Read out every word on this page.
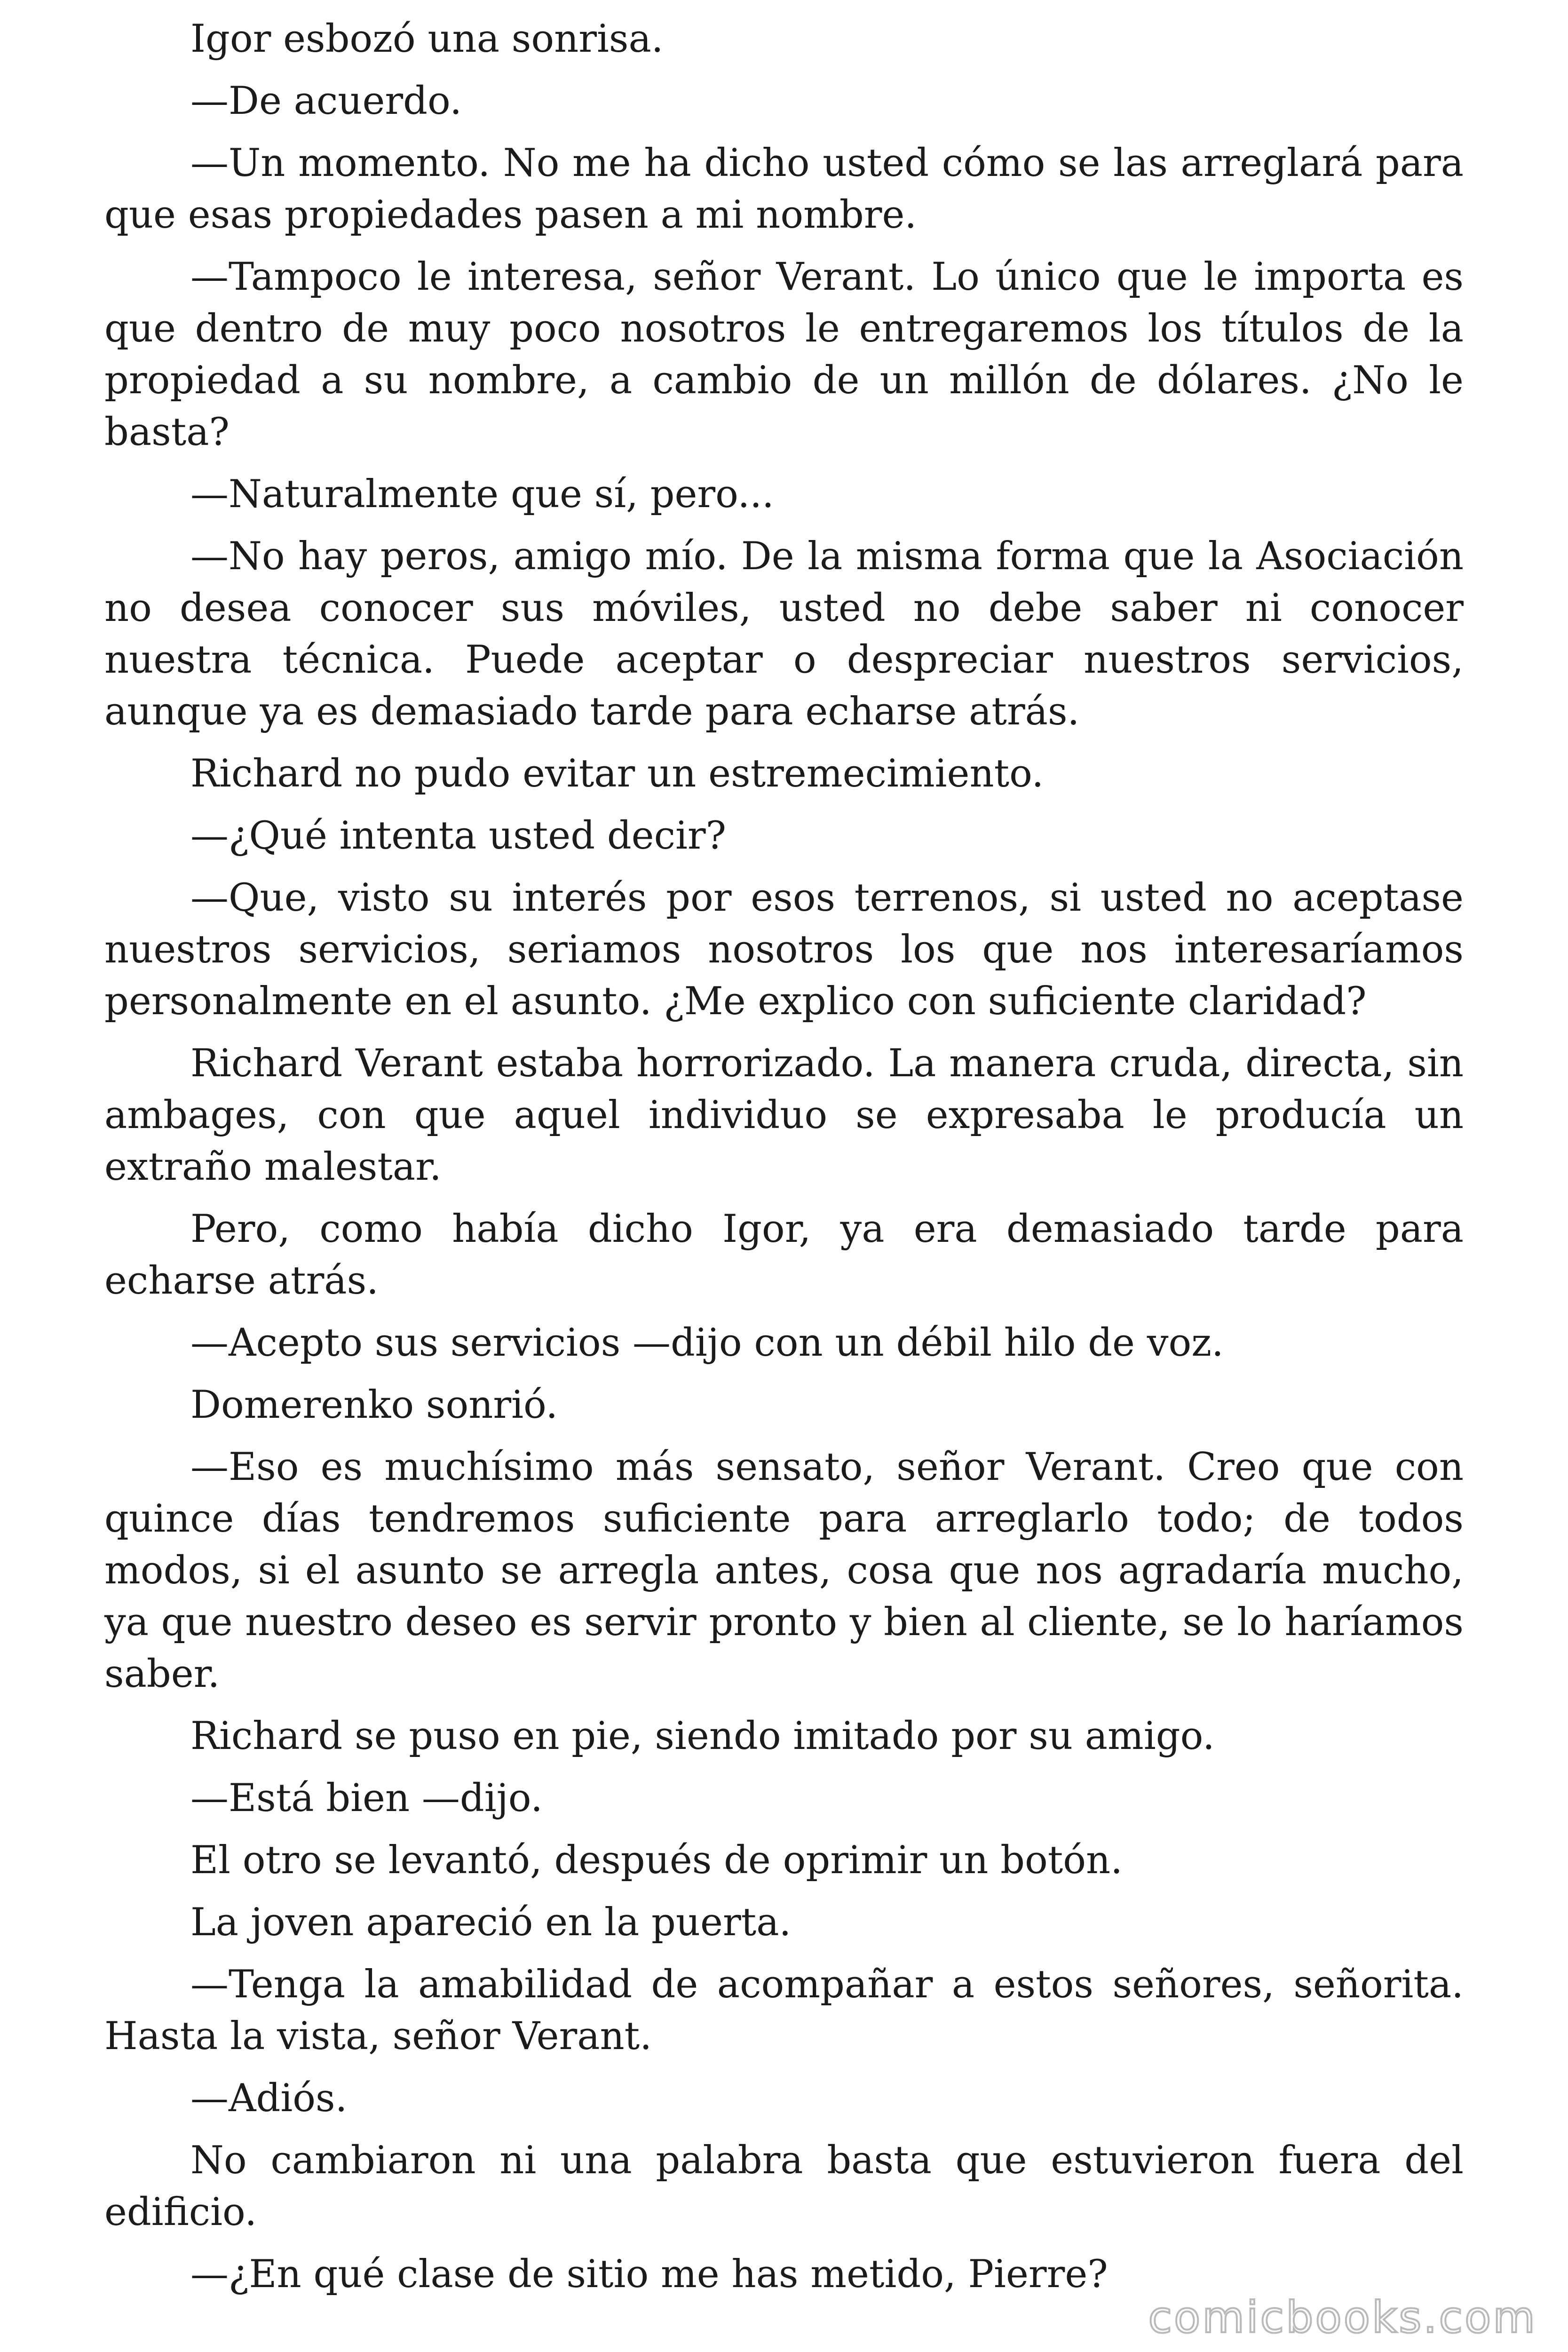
Igor esbozó una sonrisa.

—De acuerdo.

—Un momento. No me ha dicho usted cómo se las arreglará para que esas propiedades pasen a mi nombre.

—Tampoco le interesa, señor Verant. Lo único que le importa es que dentro de muy poco nosotros le entregaremos los títulos de la propiedad a su nombre, a cambio de un millón de dólares. ¿No le basta?

—Naturalmente que sí, pero...

—No hay peros, amigo mío. De la misma forma que la Asociación no desea conocer sus móviles, usted no debe saber ni conocer nuestra técnica. Puede aceptar o despreciar nuestros servicios, aunque ya es demasiado tarde para echarse atrás.

Richard no pudo evitar un estremecimiento.

—¿Qué intenta usted decir?

—Que, visto su interés por esos terrenos, si usted no aceptase nuestros servicios, seriamos nosotros los que nos interesaríamos personalmente en el asunto. ¿Me explico con suficiente claridad?

Richard Verant estaba horrorizado. La manera cruda, directa, sin ambages, con que aquel individuo se expresaba le producía un extraño malestar.

Pero, como había dicho Igor, ya era demasiado tarde para echarse atrás.

—Acepto sus servicios —dijo con un débil hilo de voz.

Domerenko sonrió.

—Eso es muchísimo más sensato, señor Verant. Creo que con quince días tendremos suficiente para arreglarlo todo; de todos modos, si el asunto se arregla antes, cosa que nos agradaría mucho, ya que nuestro deseo es servir pronto y bien al cliente, se lo haríamos saber.

Richard se puso en pie, siendo imitado por su amigo.

—Está bien —dijo.

El otro se levantó, después de oprimir un botón.

La joven apareció en la puerta.

—Tenga la amabilidad de acompañar a estos señores, señorita. Hasta la vista, señor Verant.

—Adiós.

No cambiaron ni una palabra basta que estuvieron fuera del edificio.

—¿En qué clase de sitio me has metido, Pierre?

comicbooks.com
